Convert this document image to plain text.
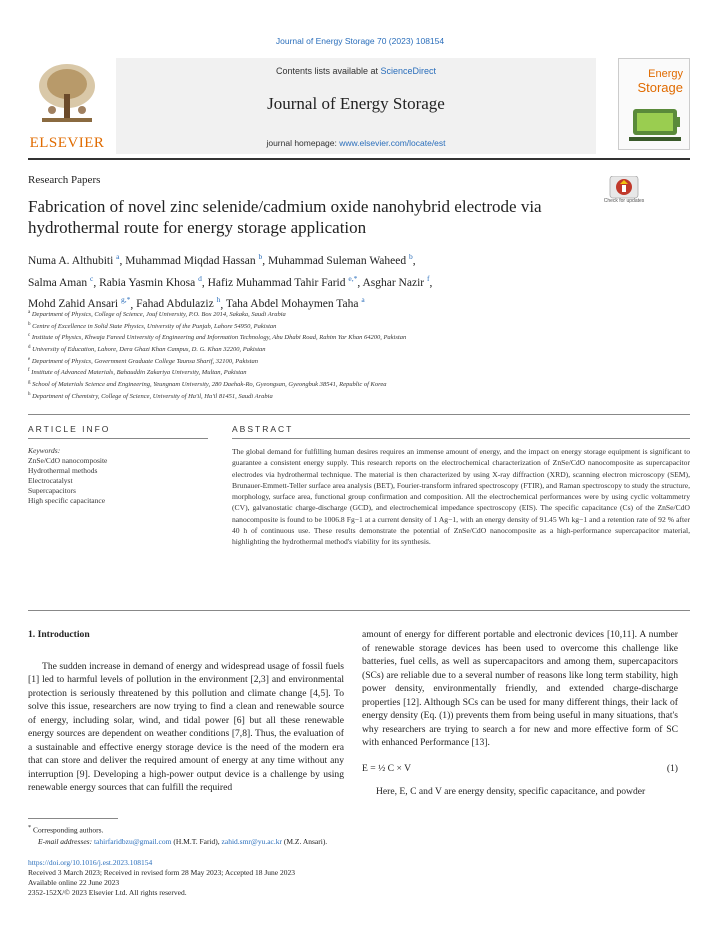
Journal of Energy Storage 70 (2023) 108154
ELSEVIER
Contents lists available at ScienceDirect
Journal of Energy Storage
journal homepage: www.elsevier.com/locate/est
Energy
Storage
Research Papers
Check for updates
Fabrication of novel zinc selenide/cadmium oxide nanohybrid electrode via hydrothermal route for energy storage application
Numa A. Althubiti $^a$, Muhammad Miqdad Hassan $^b$, Muhammad Suleman Waheed $^b$,
Salma Aman $^c$, Rabia Yasmin Khosa $^d$, Hafiz Muhammad Tahir Farid $^{e,*}$, Asghar Nazir $^f$,
Mohd Zahid Ansari $^{g,*}$, Fahad Abdulaziz $^h$, Taha Abdel Mohaymen Taha $^a$
$^a$ Department of Physics, College of Science, Jouf University, P.O. Box 2014, Sakaka, Saudi Arabia
$^b$ Centre of Excellence in Solid State Physics, University of the Punjab, Lahore 54950, Pakistan
$^c$ Institute of Physics, Khwaja Fareed University of Engineering and Information Technology, Abu Dhabi Road, Rahim Yar Khan 64200, Pakistan
$^d$ University of Education, Lahore, Dera Ghazi Khan Campus, D. G. Khan 32200, Pakistan
$^e$ Department of Physics, Government Graduate College Taunsa Sharif, 32100, Pakistan
$^f$ Institute of Advanced Materials, Bahauddin Zakariya University, Multan, Pakistan
$^g$ School of Materials Science and Engineering, Yeungnam University, 280 Daehak-Ro, Gyeongsan, Gyeongbuk 38541, Republic of Korea
$^h$ Department of Chemistry, College of Science, University of Ha'il, Ha'il 81451, Saudi Arabia
ARTICLE INFO	ABSTRACT
Keywords:
ZnSe/CdO nanocomposite
Hydrothermal methods
Electrocatalyst
Supercapacitors
High specific capacitance
The global demand for fulfilling human desires requires an immense amount of energy, and the impact on energy storage equipment is significant to guarantee a consistent energy supply. This research reports on the electrochemical characterization of ZnSe/CdO nanocomposite as supercapacitor electrodes via hydrothermal technique. The material is then characterized by using X-ray diffraction (XRD), scanning electron microscopy (SEM), Brunauer-Emmett-Teller surface area analysis (BET), Fourier-transform infrared spectroscopy (FTIR), and Raman spectroscopy to study the structure, morphology, surface area, functional group confirmation and composition. All the electrochemical performances were by using cyclic voltammetry (CV), galvanostatic charge-discharge (GCD), and electrochemical impedance spectroscopy (EIS). The specific capacitance (Cs) of the ZnSe/CdO nanocomposite is found to be 1006.8 Fg−1 at a current density of 1 Ag−1, with an energy density of 91.45 Wh kg−1 and a retention rate of 92 % after 40 h of continuous use. These results demonstrate the potential of ZnSe/CdO nanocomposite as a high-performance supercapacitor material, highlighting the hydrothermal method's viability for its synthesis.
1. Introduction

The sudden increase in demand of energy and widespread usage of fossil fuels [1] led to harmful levels of pollution in the environment [2,3] and environmental protection is seriously threatened by this pollution and climate change [4,5]. To solve this issue, researchers are now trying to find a clean and renewable source of energy, including solar, wind, and tidal power [6] but all these renewable energy sources are dependent on weather conditions [7,8]. Thus, the evaluation of a sustainable and effective energy storage device is the need of the modern era that can store and deliver the required amount of energy at any time without any interruption [9]. Developing a high-power output device is a challenge by using renewable energy sources that can fulfill the required

amount of energy for different portable and electronic devices [10,11]. A number of renewable storage devices has been used to overcome this challenge like batteries, fuel cells, as well as supercapacitors and among them, supercapacitors (SCs) are reliable due to a several number of reasons like long term stability, high power density, environmentally friendly, and extended charge-discharge properties [12]. Although SCs can be used for many different things, their lack of energy density (Eq. (1)) prevents them from being useful in many situations, that's why researchers are trying to search a for new and more effective form of SC with enhanced Performance [13].

E = ½ C × V	(1)

Here, E, C and V are energy density, specific capacitance, and powder

* Corresponding authors.
E-mail addresses: tahirfaridbzu@gmail.com (H.M.T. Farid), zahid.smr@yu.ac.kr (M.Z. Ansari).
https://doi.org/10.1016/j.est.2023.108154
Received 3 March 2023; Received in revised form 28 May 2023; Accepted 18 June 2023
Available online 22 June 2023
2352-152X/© 2023 Elsevier Ltd. All rights reserved.
